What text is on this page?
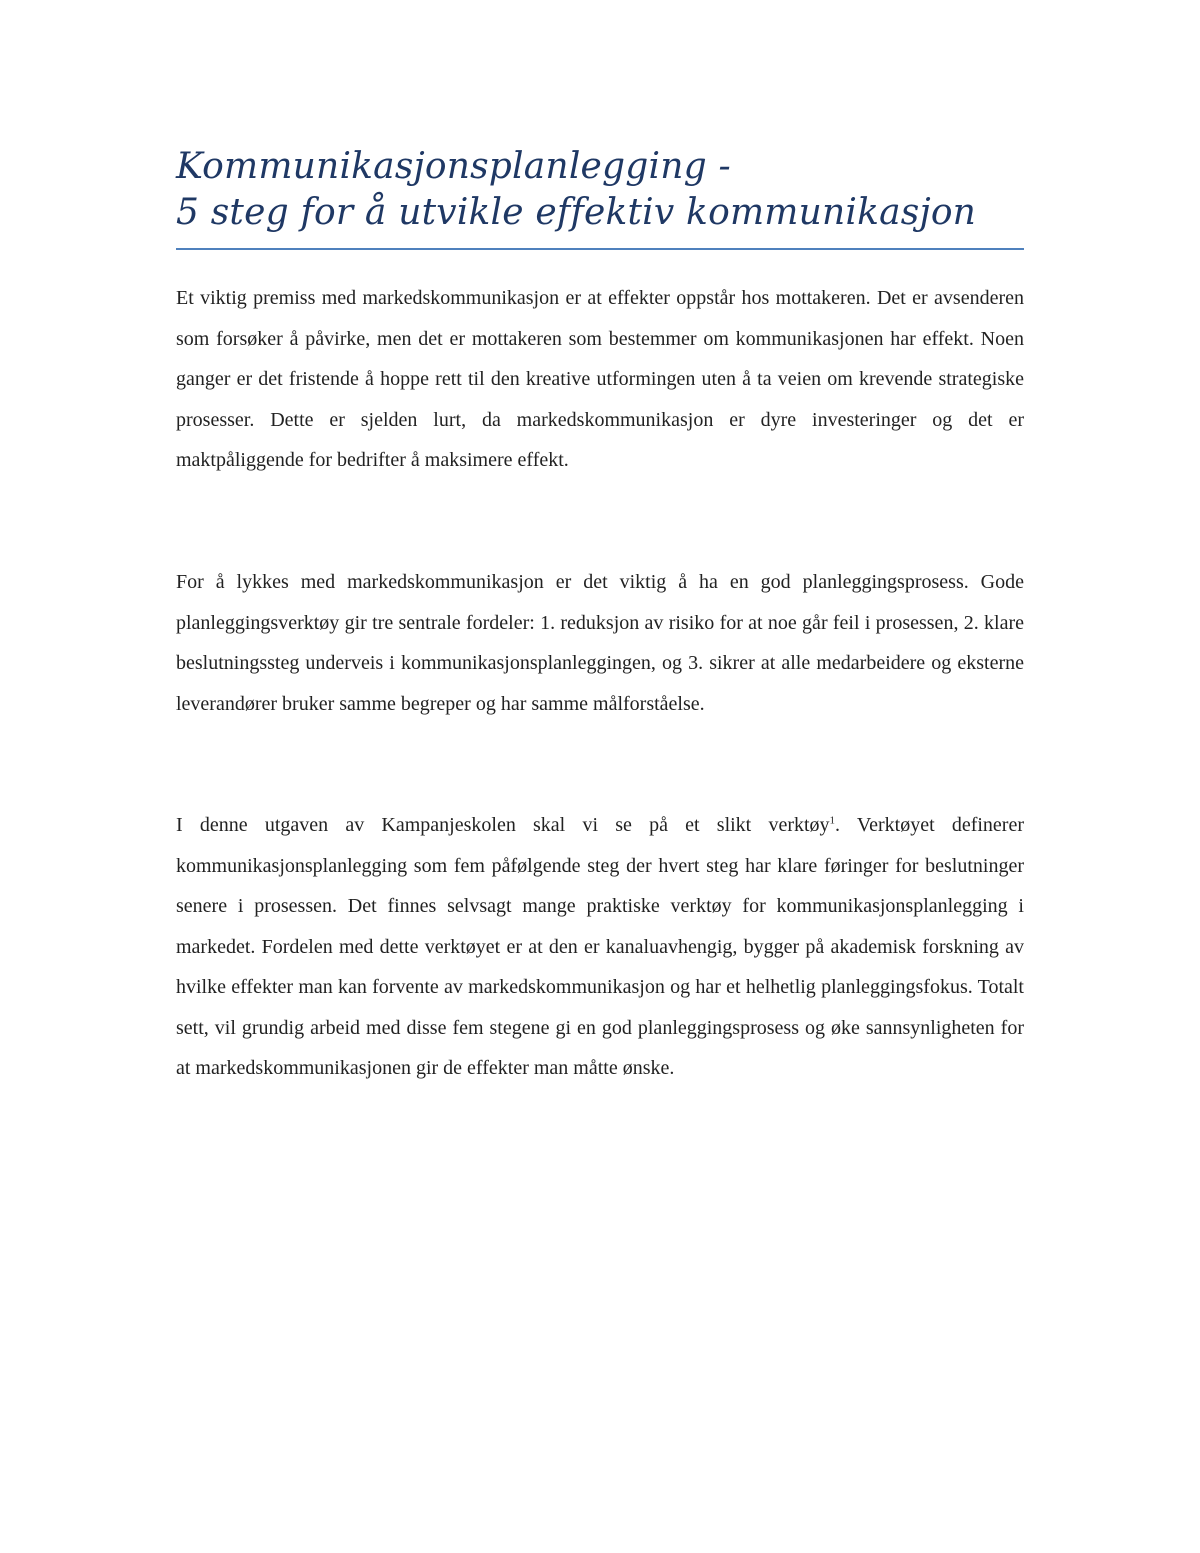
Kommunikasjonsplanlegging -
5 steg for å utvikle effektiv kommunikasjon

Et viktig premiss med markedskommunikasjon er at effekter oppstår hos mottakeren. Det er avsenderen som forsøker å påvirke, men det er mottakeren som bestemmer om kommunikasjonen har effekt. Noen ganger er det fristende å hoppe rett til den kreative utformingen uten å ta veien om krevende strategiske prosesser. Dette er sjelden lurt, da markedskommunikasjon er dyre investeringer og det er maktpåliggende for bedrifter å maksimere effekt.

For å lykkes med markedskommunikasjon er det viktig å ha en god planleggingsprosess. Gode planleggingsverktøy gir tre sentrale fordeler: 1. reduksjon av risiko for at noe går feil i prosessen, 2. klare beslutningssteg underveis i kommunikasjonsplanleggingen, og 3. sikrer at alle medarbeidere og eksterne leverandører bruker samme begreper og har samme målforståelse.

I denne utgaven av Kampanjeskolen skal vi se på et slikt verktøy$^1$. Verktøyet definerer kommunikasjonsplanlegging som fem påfølgende steg der hvert steg har klare føringer for beslutninger senere i prosessen. Det finnes selvsagt mange praktiske verktøy for kommunikasjonsplanlegging i markedet. Fordelen med dette verktøyet er at den er kanaluavhengig, bygger på akademisk forskning av hvilke effekter man kan forvente av markedskommunikasjon og har et helhetlig planleggingsfokus. Totalt sett, vil grundig arbeid med disse fem stegene gi en god planleggingsprosess og øke sannsynligheten for at markedskommunikasjonen gir de effekter man måtte ønske.
